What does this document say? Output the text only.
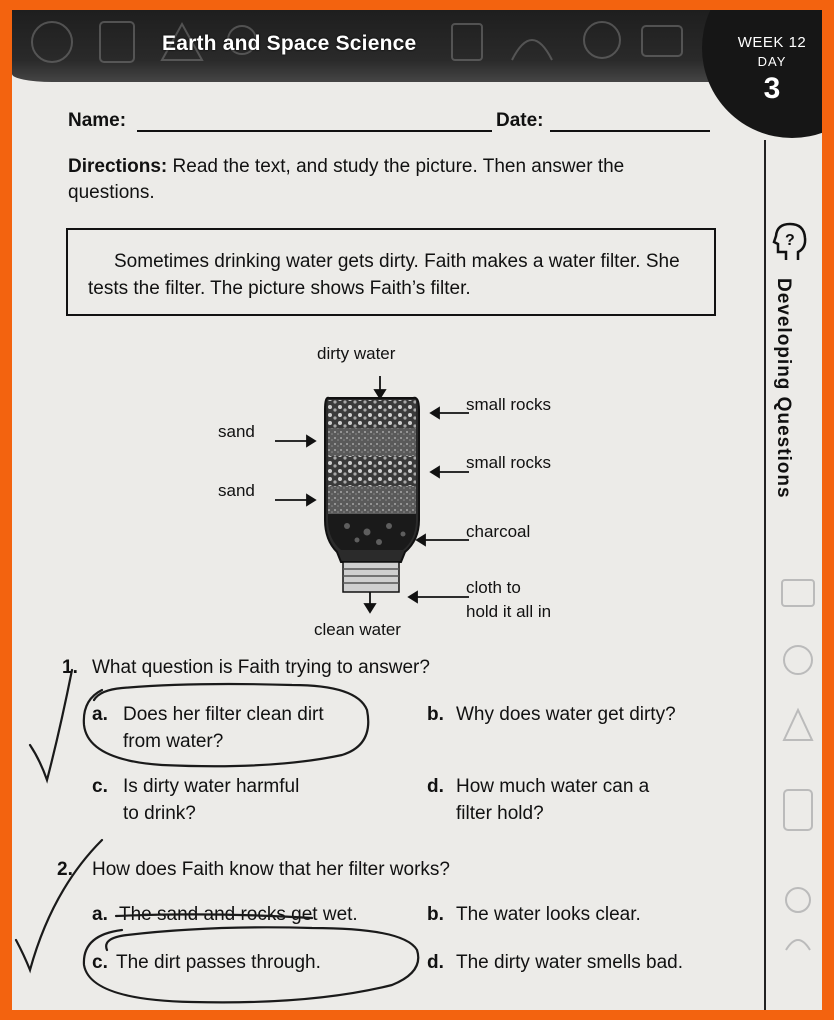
Earth and Space Science	WEEK 12
DAY
3
?
Developing Questions
Name:	Date:
Directions: Read the text, and study the picture. Then answer the
questions.
Sometimes drinking water gets dirty. Faith makes a water filter. She tests the filter. The picture shows Faith’s filter.
dirty water
clean water
sand
sand
small rocks
small rocks
charcoal
cloth to
hold it all in
1. What question is Faith trying to answer?
a. Does her filter clean dirt
from water?
b. Why does water get dirty?
c. Is dirty water harmful
to drink?
d. How much water can a
filter hold?
2. How does Faith know that her filter works?
a. The sand and rocks get wet.	b. The water looks clear.
c. The dirt passes through.	d. The dirty water smells bad.
